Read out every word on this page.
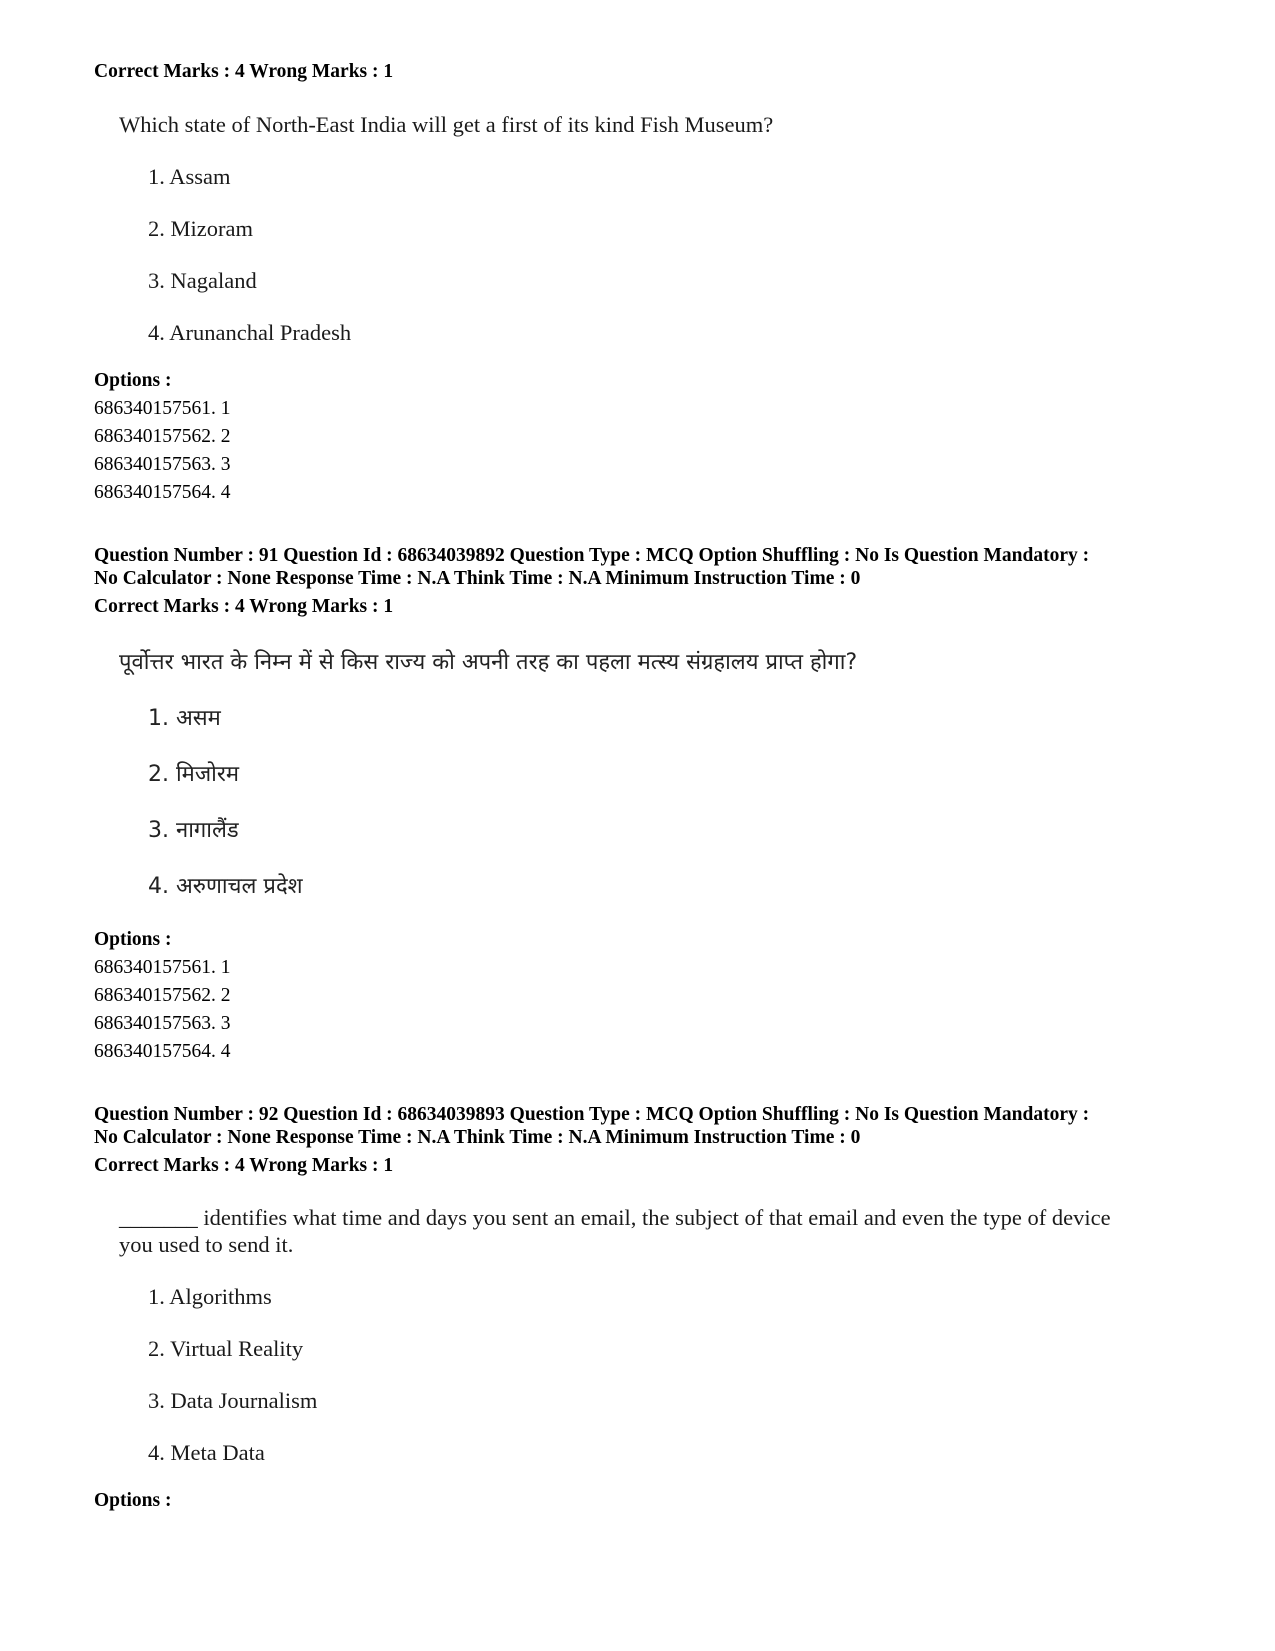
Correct Marks : 4 Wrong Marks : 1
Which state of North-East India will get a first of its kind Fish Museum?
1. Assam
2. Mizoram
3. Nagaland
4. Arunanchal Pradesh
Options :
686340157561. 1
686340157562. 2
686340157563. 3
686340157564. 4
Question Number : 91 Question Id : 68634039892 Question Type : MCQ Option Shuffling : No Is Question Mandatory :
No Calculator : None Response Time : N.A Think Time : N.A Minimum Instruction Time : 0
Correct Marks : 4 Wrong Marks : 1
पूर्वोत्तर भारत के निम्न में से किस राज्य को अपनी तरह का पहला मत्स्य संग्रहालय प्राप्त होगा?
1. असम
2. मिजोरम
3. नागालैंड
4. अरुणाचल प्रदेश
Options :
686340157561. 1
686340157562. 2
686340157563. 3
686340157564. 4
Question Number : 92 Question Id : 68634039893 Question Type : MCQ Option Shuffling : No Is Question Mandatory :
No Calculator : None Response Time : N.A Think Time : N.A Minimum Instruction Time : 0
Correct Marks : 4 Wrong Marks : 1
_______ identifies what time and days you sent an email, the subject of that email and even the type of device
you used to send it.
1. Algorithms
2. Virtual Reality
3. Data Journalism
4. Meta Data
Options :
